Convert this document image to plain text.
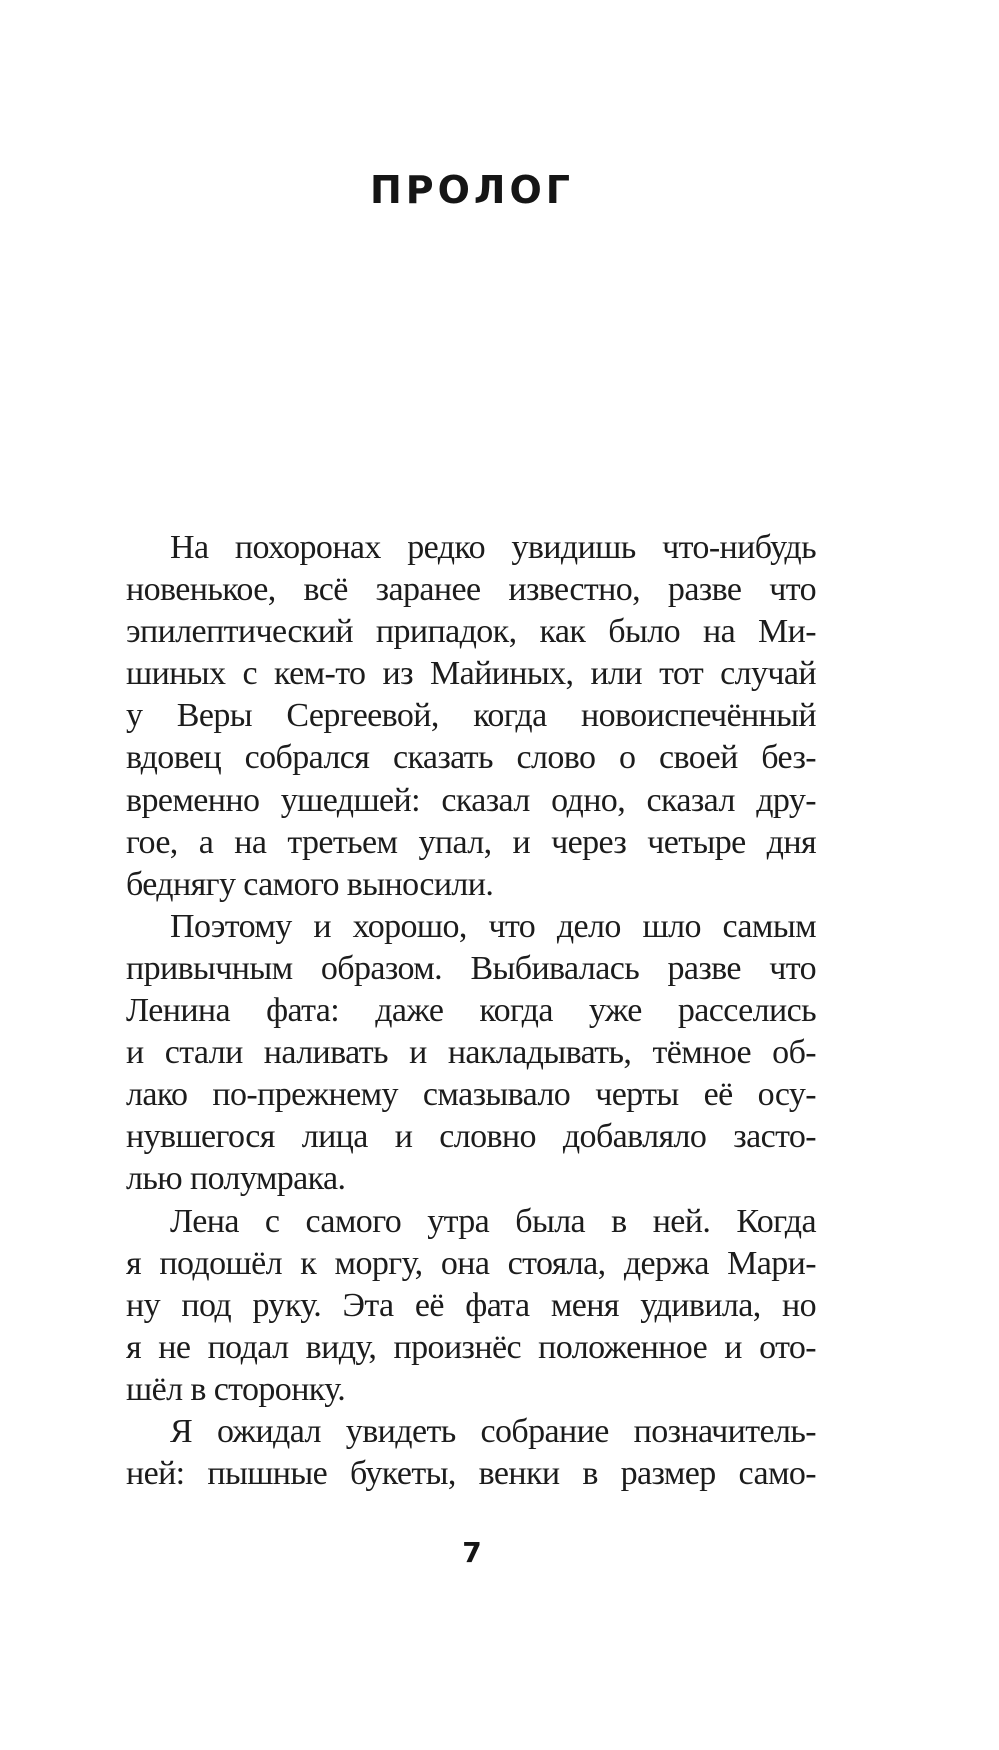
ПРОЛОГ
На похоронах редко увидишь что-нибудь
новенькое, всё заранее известно, разве что
эпилептический припадок, как было на Ми-
шиных с кем-то из Майиных, или тот случай
у Веры Сергеевой, когда новоиспечённый
вдовец собрался сказать слово о своей без-
временно ушедшей: сказал одно, сказал дру-
гое, а на третьем упал, и через четыре дня
беднягу самого выносили.
Поэтому и хорошо, что дело шло самым
привычным образом. Выбивалась разве что
Ленина фата: даже когда уже расселись
и стали наливать и накладывать, тёмное об-
лако по-прежнему смазывало черты её осу-
нувшегося лица и словно добавляло засто-
лью полумрака.
Лена с самого утра была в ней. Когда
я подошёл к моргу, она стояла, держа Мари-
ну под руку. Эта её фата меня удивила, но
я не подал виду, произнёс положенное и ото-
шёл в сторонку.
Я ожидал увидеть собрание позначитель-
ней: пышные букеты, венки в размер само-
7
